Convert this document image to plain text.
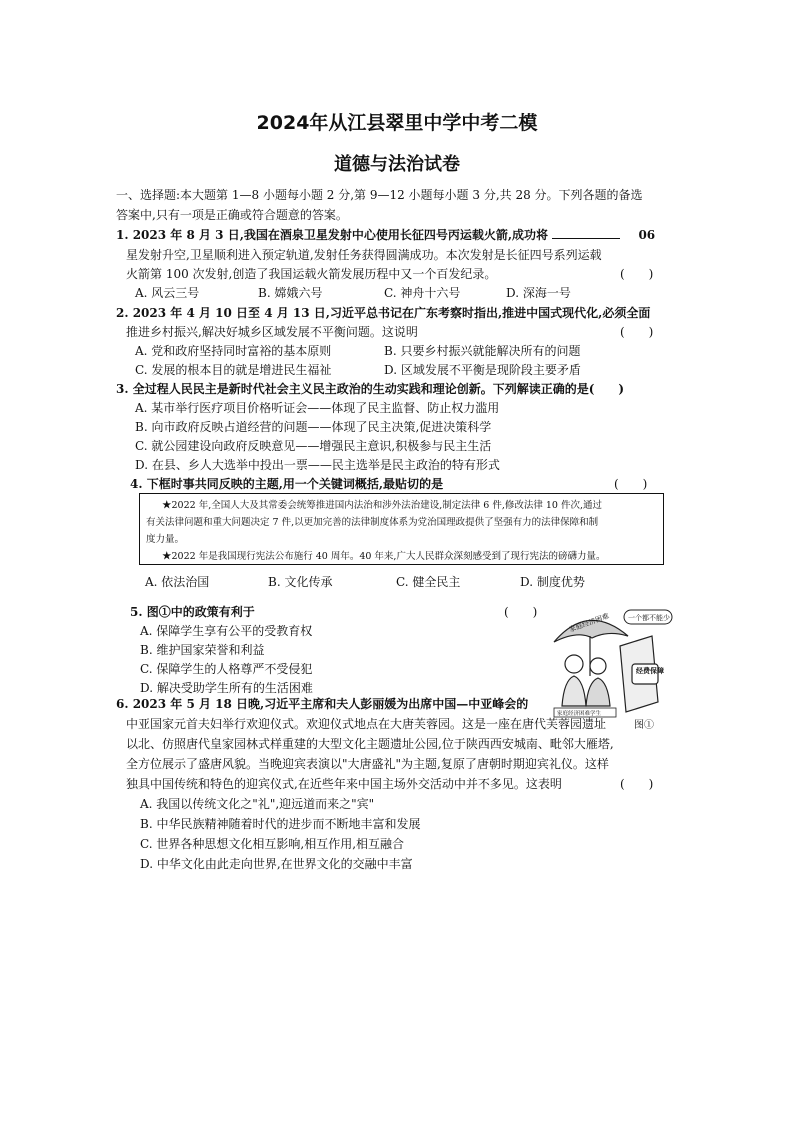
2024年从江县翠里中学中考二模
道德与法治试卷
一、选择题:本大题第 1—8 小题每小题 2 分,第 9—12 小题每小题 3 分,共 28 分。下列各题的备选
答案中,只有一项是正确或符合题意的答案。
1. 2023 年 8 月 3 日,我国在酒泉卫星发射中心使用长征四号丙运载火箭,成功将	06
星发射升空,卫星顺利进入预定轨道,发射任务获得圆满成功。本次发射是长征四号系列运载
火箭第 100 次发射,创造了我国运载火箭发展历程中又一个百发纪录。	(　　)
A. 风云三号	B. 嫦娥六号	C. 神舟十六号	D. 深海一号
2. 2023 年 4 月 10 日至 4 月 13 日,习近平总书记在广东考察时指出,推进中国式现代化,必须全面
推进乡村振兴,解决好城乡区域发展不平衡问题。这说明	(　　)
A. 党和政府坚持同时富裕的基本原则	B. 只要乡村振兴就能解决所有的问题
C. 发展的根本目的就是增进民生福祉	D. 区域发展不平衡是现阶段主要矛盾
3. 全过程人民民主是新时代社会主义民主政治的生动实践和理论创新。下列解读正确的是(　　)
A. 某市举行医疗项目价格听证会——体现了民主监督、防止权力滥用
B. 向市政府反映占道经营的问题——体现了民主决策,促进决策科学
C. 就公园建设向政府反映意见——增强民主意识,积极参与民主生活
D. 在县、乡人大选举中投出一票——民主选举是民主政治的特有形式
4. 下框时事共同反映的主题,用一个关键词概括,最贴切的是	(　　)

★2022 年,全国人大及其常委会统筹推进国内法治和涉外法治建设,制定法律 6 件,修改法律 10 件次,通过

有关法律问题和重大问题决定 7 件,以更加完善的法律制度体系为党治国理政提供了坚强有力的法律保障和制

度力量。

★2022 年是我国现行宪法公布施行 40 周年。40 年来,广大人民群众深刻感受到了现行宪法的磅礴力量。

A. 依法治国	B. 文化传承	C. 健全民主	D. 制度优势
5. 图①中的政策有利于	(　　)
A. 保障学生享有公平的受教育权
B. 维护国家荣誉和利益
C. 保障学生的人格尊严不受侵犯
D. 解决受助学生所有的生活困难
家庭经济困难
家庭经济困难学生
经费保障
一个都不能少
图①
6. 2023 年 5 月 18 日晚,习近平主席和夫人彭丽媛为出席中国—中亚峰会的
中亚国家元首夫妇举行欢迎仪式。欢迎仪式地点在大唐芙蓉园。这是一座在唐代芙蓉园遗址
以北、仿照唐代皇家园林式样重建的大型文化主题遗址公园,位于陕西西安城南、毗邻大雁塔,
全方位展示了盛唐风貌。当晚迎宾表演以"大唐盛礼"为主题,复原了唐朝时期迎宾礼仪。这样
独具中国传统和特色的迎宾仪式,在近些年来中国主场外交活动中并不多见。这表明	(　　)
A. 我国以传统文化之"礼",迎远道而来之"宾"
B. 中华民族精神随着时代的进步而不断地丰富和发展
C. 世界各种思想文化相互影响,相互作用,相互融合
D. 中华文化由此走向世界,在世界文化的交融中丰富
